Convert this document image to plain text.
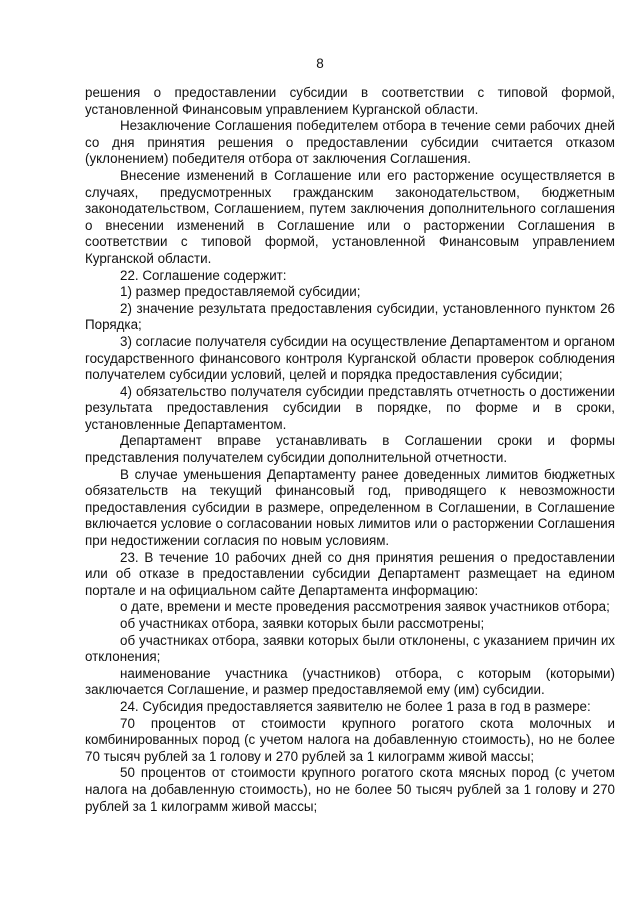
8

решения о предоставлении субсидии в соответствии с типовой формой, установленной Финансовым управлением Курганской области.

Незаключение Соглашения победителем отбора в течение семи рабочих дней со дня принятия решения о предоставлении субсидии считается отказом (уклонением) победителя отбора от заключения Соглашения.

Внесение изменений в Соглашение или его расторжение осуществляется в случаях, предусмотренных гражданским законодательством, бюджетным законодательством, Соглашением, путем заключения дополнительного соглашения о внесении изменений в Соглашение или о расторжении Соглашения в соответствии с типовой формой, установленной Финансовым управлением Курганской области.

22. Соглашение содержит:

1) размер предоставляемой субсидии;

2) значение результата предоставления субсидии, установленного пунктом 26 Порядка;

3) согласие получателя субсидии на осуществление Департаментом и органом государственного финансового контроля Курганской области проверок соблюдения получателем субсидии условий, целей и порядка предоставления субсидии;

4) обязательство получателя субсидии представлять отчетность о достижении результата предоставления субсидии в порядке, по форме и в сроки, установленные Департаментом.

Департамент вправе устанавливать в Соглашении сроки и формы представления получателем субсидии дополнительной отчетности.

В случае уменьшения Департаменту ранее доведенных лимитов бюджетных обязательств на текущий финансовый год, приводящего к невозможности предоставления субсидии в размере, определенном в Соглашении, в Соглашение включается условие о согласовании новых лимитов или о расторжении Соглашения при недостижении согласия по новым условиям.

23. В течение 10 рабочих дней со дня принятия решения о предоставлении или об отказе в предоставлении субсидии Департамент размещает на едином портале и на официальном сайте Департамента информацию:

о дате, времени и месте проведения рассмотрения заявок участников отбора;

об участниках отбора, заявки которых были рассмотрены;

об участниках отбора, заявки которых были отклонены, с указанием причин их отклонения;

наименование участника (участников) отбора, с которым (которыми) заключается Соглашение, и размер предоставляемой ему (им) субсидии.

24. Субсидия предоставляется заявителю не более 1 раза в год в размере:

70 процентов от стоимости крупного рогатого скота молочных и комбинированных пород (с учетом налога на добавленную стоимость), но не более 70 тысяч рублей за 1 голову и 270 рублей за 1 килограмм живой массы;

50 процентов от стоимости крупного рогатого скота мясных пород (с учетом налога на добавленную стоимость), но не более 50 тысяч рублей за 1 голову и 270 рублей за 1 килограмм живой массы;
